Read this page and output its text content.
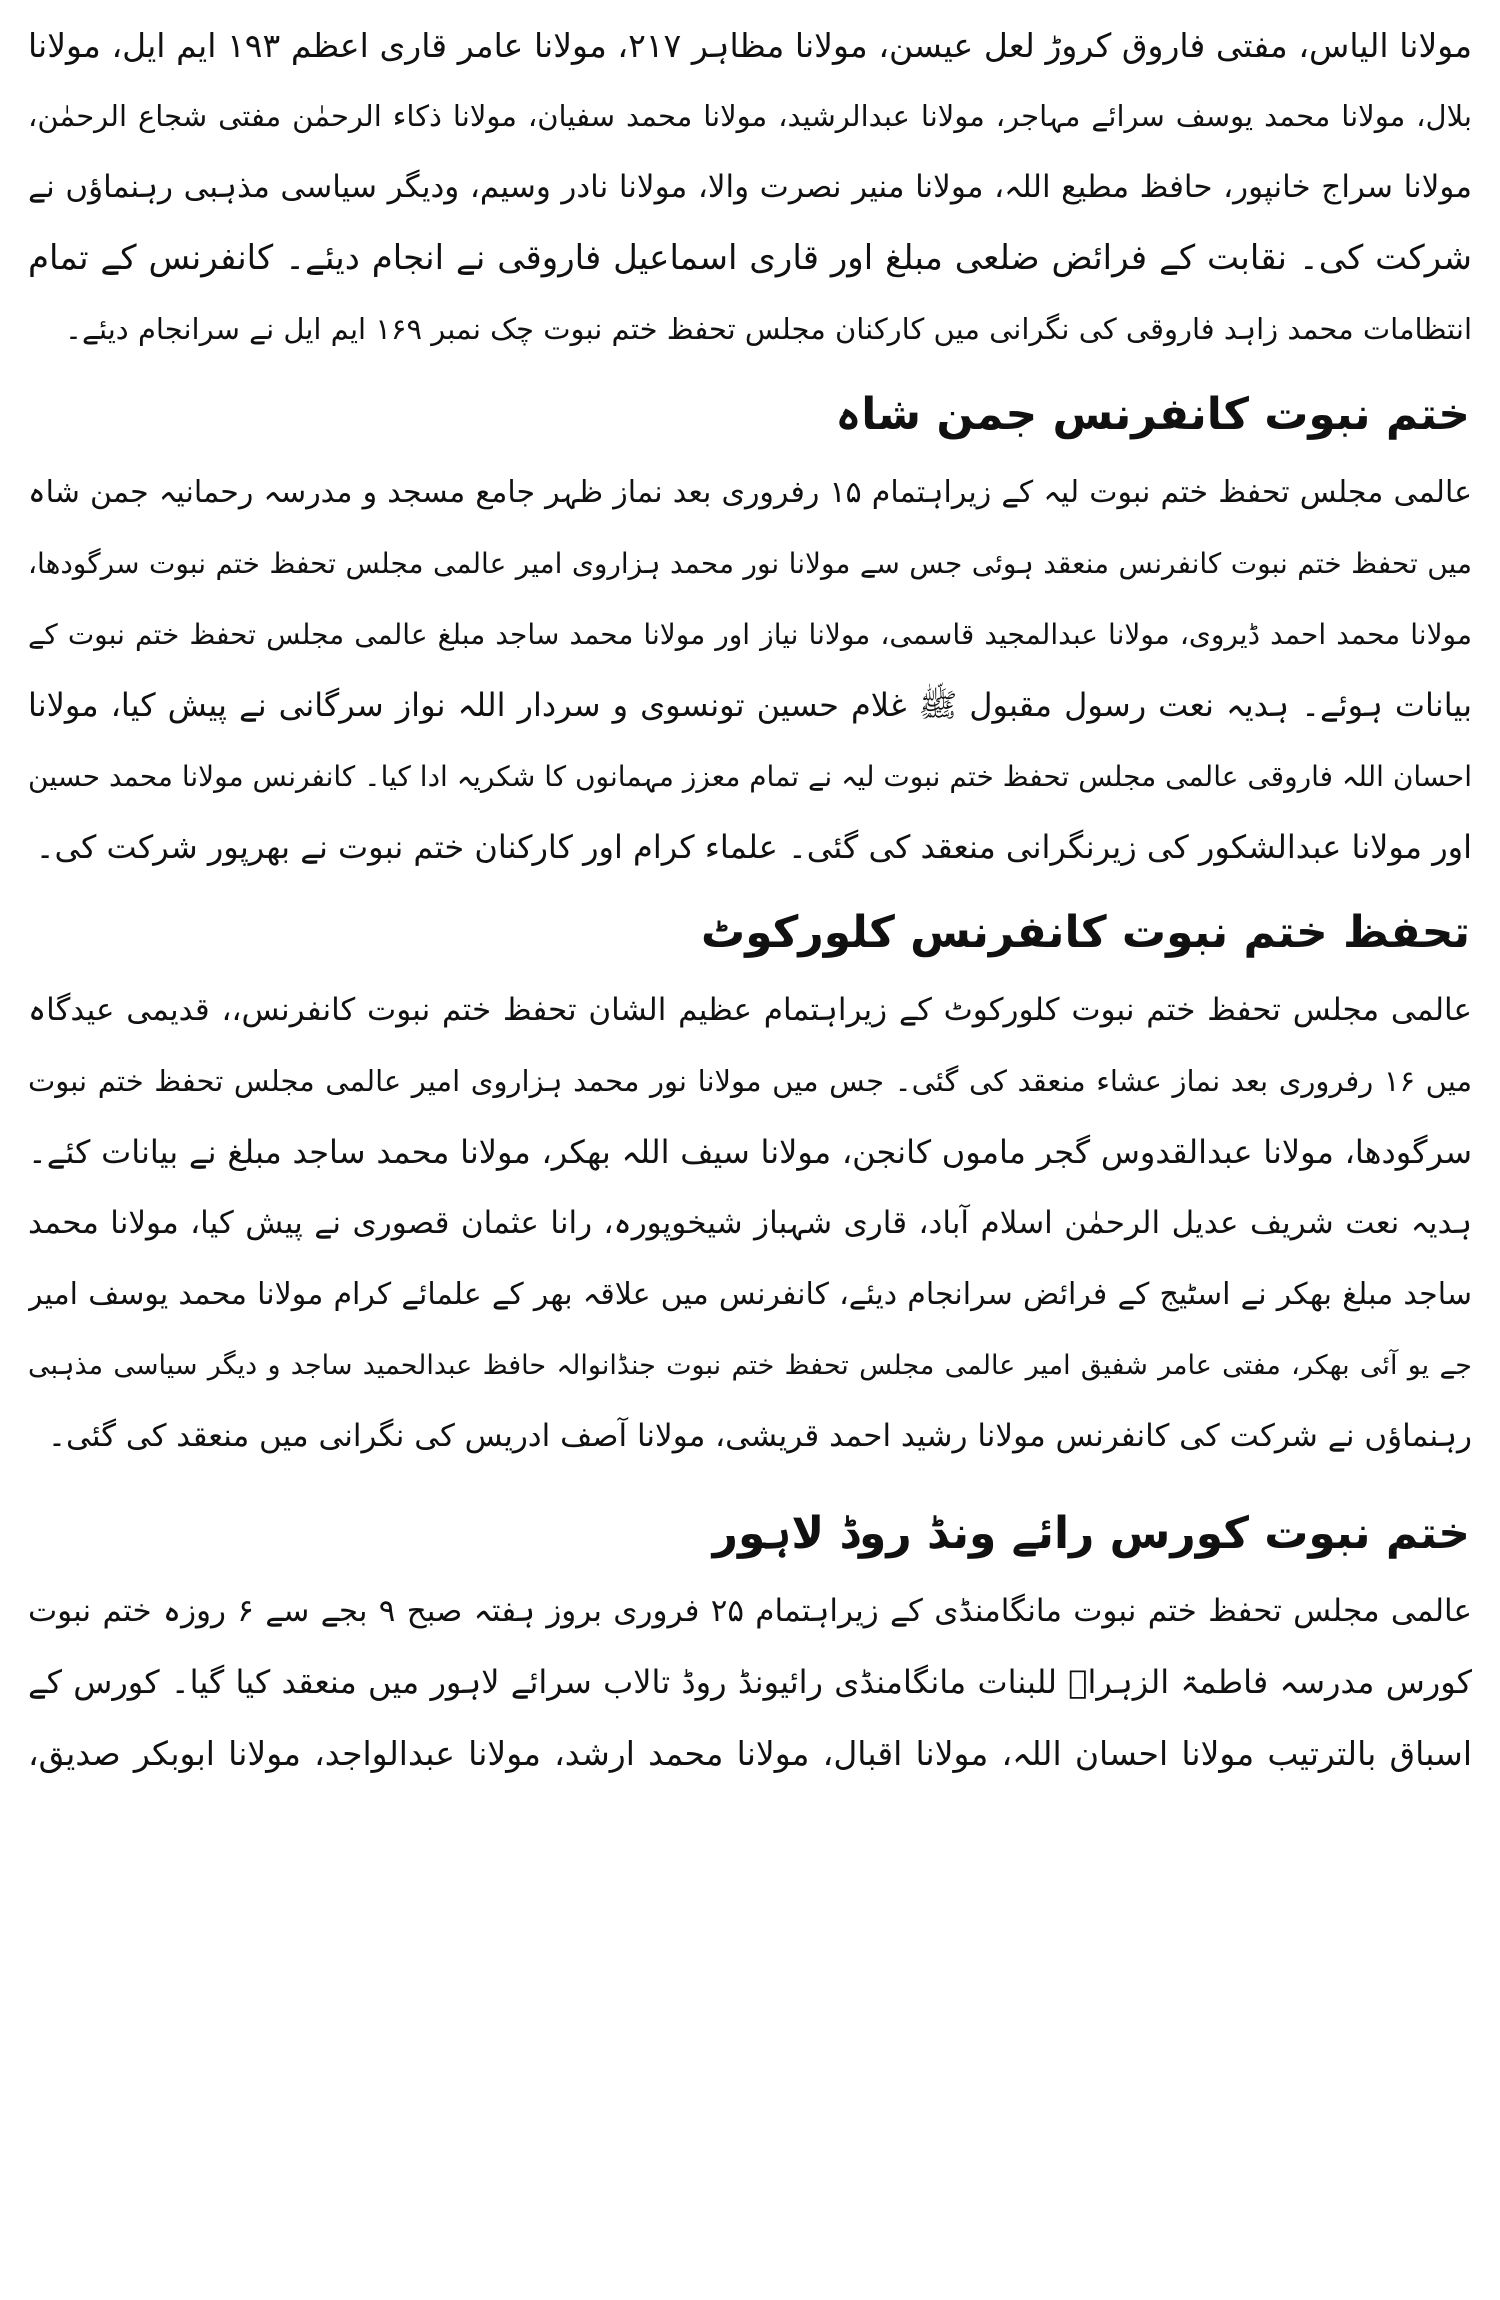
مولانا الیاس، مفتی فاروق کروڑ لعل عیسن، مولانا مظاہر ۲۱۷، مولانا عامر قاری اعظم ۱۹۳ ایم ایل، مولانا
بلال، مولانا محمد یوسف سرائے مہاجر، مولانا عبدالرشید، مولانا محمد سفیان، مولانا ذکاء الرحمٰن مفتی شجاع الرحمٰن،
مولانا سراج خانپور، حافظ مطیع اللہ، مولانا منیر نصرت والا، مولانا نادر وسیم، ودیگر سیاسی مذہبی رہنماؤں نے
شرکت کی۔ نقابت کے فرائض ضلعی مبلغ اور قاری اسماعیل فاروقی نے انجام دیئے۔ کانفرنس کے تمام
انتظامات محمد زاہد فاروقی کی نگرانی میں کارکنان مجلس تحفظ ختم نبوت چک نمبر ۱۶۹ ایم ایل نے سرانجام دیئے۔
ختم نبوت کانفرنس جمن شاہ
عالمی مجلس تحفظ ختم نبوت لیہ کے زیراہتمام ۱۵ رفروری بعد نماز ظہر جامع مسجد و مدرسہ رحمانیہ جمن شاہ
میں تحفظ ختم نبوت کانفرنس منعقد ہوئی جس سے مولانا نور محمد ہزاروی امیر عالمی مجلس تحفظ ختم نبوت سرگودھا،
مولانا محمد احمد ڈیروی، مولانا عبدالمجید قاسمی، مولانا نیاز اور مولانا محمد ساجد مبلغ عالمی مجلس تحفظ ختم نبوت کے
بیانات ہوئے۔ ہدیہ نعت رسول مقبول ﷺ غلام حسین تونسوی و سردار اللہ نواز سرگانی نے پیش کیا، مولانا
احسان اللہ فاروقی عالمی مجلس تحفظ ختم نبوت لیہ نے تمام معزز مہمانوں کا شکریہ ادا کیا۔ کانفرنس مولانا محمد حسین
اور مولانا عبدالشکور کی زیرنگرانی منعقد کی گئی۔ علماء کرام اور کارکنان ختم نبوت نے بھرپور شرکت کی۔
تحفظ ختم نبوت کانفرنس کلورکوٹ
عالمی مجلس تحفظ ختم نبوت کلورکوٹ کے زیراہتمام عظیم الشان تحفظ ختم نبوت کانفرنس،، قدیمی عیدگاہ
میں ۱۶ رفروری بعد نماز عشاء منعقد کی گئی۔ جس میں مولانا نور محمد ہزاروی امیر عالمی مجلس تحفظ ختم نبوت
سرگودھا، مولانا عبدالقدوس گجر ماموں کانجن، مولانا سیف اللہ بھکر، مولانا محمد ساجد مبلغ نے بیانات کئے۔
ہدیہ نعت شریف عدیل الرحمٰن اسلام آباد، قاری شہباز شیخوپورہ، رانا عثمان قصوری نے پیش کیا، مولانا محمد
ساجد مبلغ بھکر نے اسٹیج کے فرائض سرانجام دیئے، کانفرنس میں علاقہ بھر کے علمائے کرام مولانا محمد یوسف امیر
جے یو آئی بھکر، مفتی عامر شفیق امیر عالمی مجلس تحفظ ختم نبوت جنڈانوالہ حافظ عبدالحمید ساجد و دیگر سیاسی مذہبی
رہنماؤں نے شرکت کی کانفرنس مولانا رشید احمد قریشی، مولانا آصف ادریس کی نگرانی میں منعقد کی گئی۔
ختم نبوت کورس رائے ونڈ روڈ لاہور
عالمی مجلس تحفظ ختم نبوت مانگامنڈی کے زیراہتمام ۲۵ فروری بروز ہفتہ صبح ۹ بجے سے ۶ روزہ ختم نبوت
کورس مدرسہ فاطمۃ الزہراؓ للبنات مانگامنڈی رائیونڈ روڈ تالاب سرائے لاہور میں منعقد کیا گیا۔ کورس کے
اسباق بالترتیب مولانا احسان اللہ، مولانا اقبال، مولانا محمد ارشد، مولانا عبدالواجد، مولانا ابوبکر صدیق،
